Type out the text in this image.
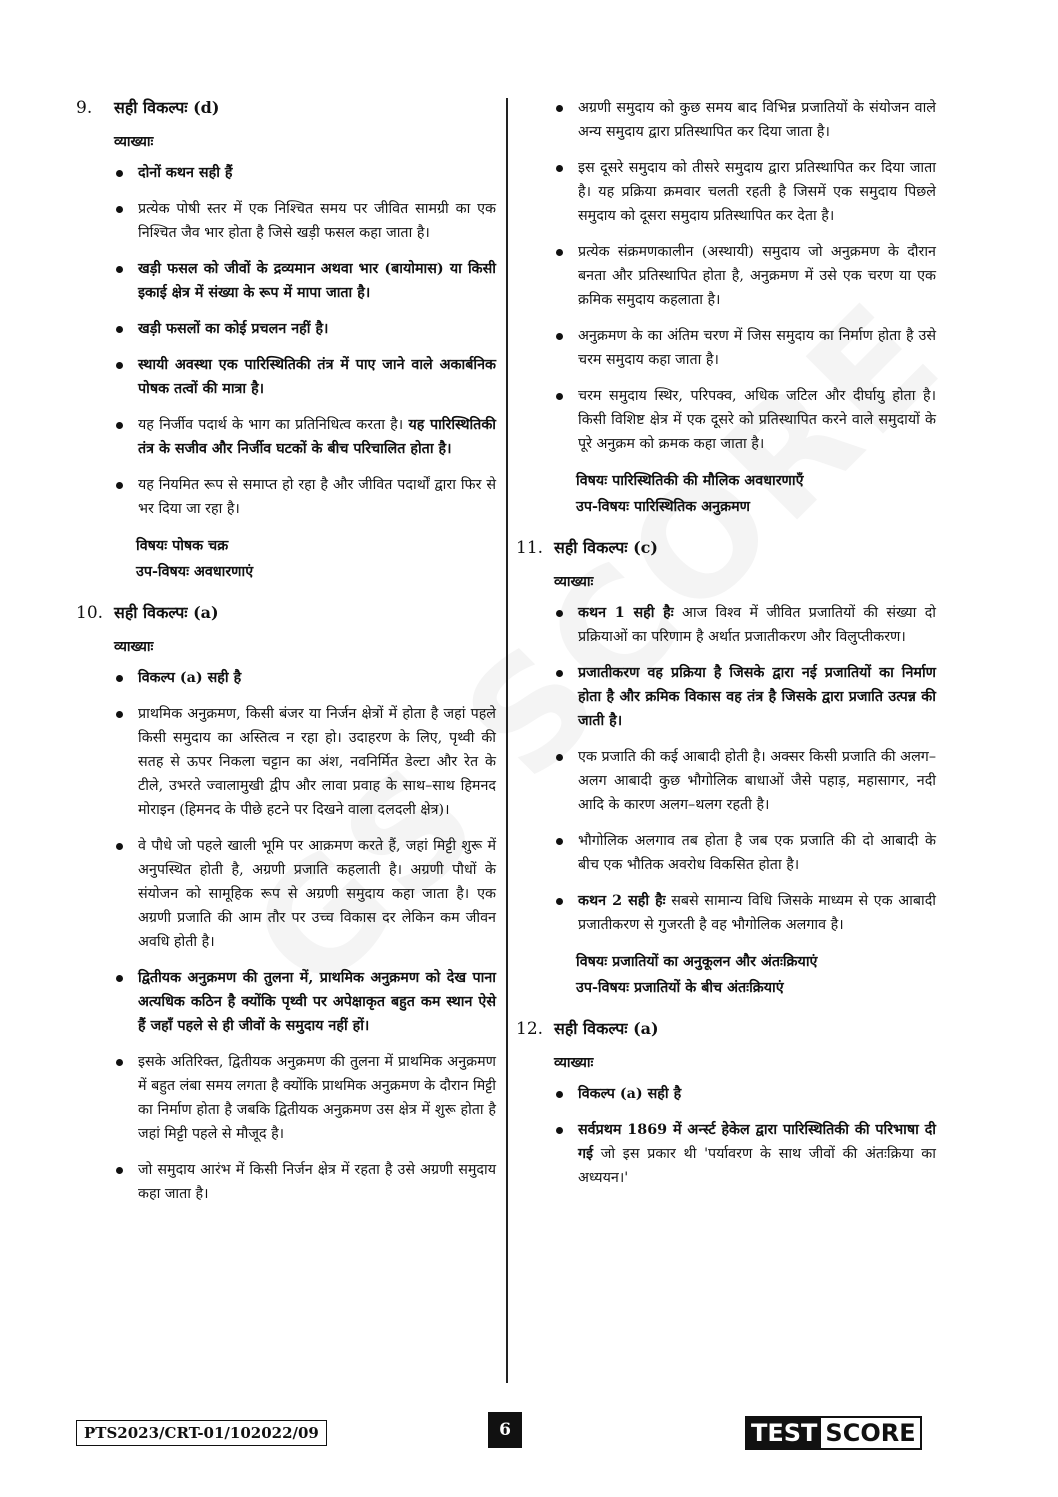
9.	सही विकल्पः (d)
व्याख्याः
दोनों कथन सही हैं
प्रत्येक पोषी स्तर में एक निश्चित समय पर जीवित सामग्री का एक निश्चित जैव भार होता है जिसे खड़ी फसल कहा जाता है।
खड़ी फसल को जीवों के द्रव्यमान अथवा भार (बायोमास) या किसी इकाई क्षेत्र में संख्या के रूप में मापा जाता है।
खड़ी फसलों का कोई प्रचलन नहीं है।
स्थायी अवस्था एक पारिस्थितिकी तंत्र में पाए जाने वाले अकार्बनिक पोषक तत्वों की मात्रा है।
यह निर्जीव पदार्थ के भाग का प्रतिनिधित्व करता है। यह पारिस्थितिकी तंत्र के सजीव और निर्जीव घटकों के बीच परिचालित होता है।
यह नियमित रूप से समाप्त हो रहा है और जीवित पदार्थों द्वारा फिर से भर दिया जा रहा है।
विषयः पोषक चक्र
उप-विषयः अवधारणाएं
10. सही विकल्पः (a)
व्याख्याः
विकल्प (a) सही है
प्राथमिक अनुक्रमण, किसी बंजर या निर्जन क्षेत्रों में होता है जहां पहले किसी समुदाय का अस्तित्व न रहा हो। उदाहरण के लिए, पृथ्वी की सतह से ऊपर निकला चट्टान का अंश, नवनिर्मित डेल्टा और रेत के टीले, उभरते ज्वालामुखी द्वीप और लावा प्रवाह के साथ–साथ हिमनद मोराइन (हिमनद के पीछे हटने पर दिखने वाला दलदली क्षेत्र)।
वे पौधे जो पहले खाली भूमि पर आक्रमण करते हैं, जहां मिट्टी शुरू में अनुपस्थित होती है, अग्रणी प्रजाति कहलाती है। अग्रणी पौधों के संयोजन को सामूहिक रूप से अग्रणी समुदाय कहा जाता है। एक अग्रणी प्रजाति की आम तौर पर उच्च विकास दर लेकिन कम जीवन अवधि होती है।
द्वितीयक अनुक्रमण की तुलना में, प्राथमिक अनुक्रमण को देख पाना अत्यधिक कठिन है क्योंकि पृथ्वी पर अपेक्षाकृत बहुत कम स्थान ऐसे हैं जहाँ पहले से ही जीवों के समुदाय नहीं हों।
इसके अतिरिक्त, द्वितीयक अनुक्रमण की तुलना में प्राथमिक अनुक्रमण में बहुत लंबा समय लगता है क्योंकि प्राथमिक अनुक्रमण के दौरान मिट्टी का निर्माण होता है जबकि द्वितीयक अनुक्रमण उस क्षेत्र में शुरू होता है जहां मिट्टी पहले से मौजूद है।
जो समुदाय आरंभ में किसी निर्जन क्षेत्र में रहता है उसे अग्रणी समुदाय कहा जाता है।
अग्रणी समुदाय को कुछ समय बाद विभिन्न प्रजातियों के संयोजन वाले अन्य समुदाय द्वारा प्रतिस्थापित कर दिया जाता है।
इस दूसरे समुदाय को तीसरे समुदाय द्वारा प्रतिस्थापित कर दिया जाता है। यह प्रक्रिया क्रमवार चलती रहती है जिसमें एक समुदाय पिछले समुदाय को दूसरा समुदाय प्रतिस्थापित कर देता है।
प्रत्येक संक्रमणकालीन (अस्थायी) समुदाय जो अनुक्रमण के दौरान बनता और प्रतिस्थापित होता है, अनुक्रमण में उसे एक चरण या एक क्रमिक समुदाय कहलाता है।
अनुक्रमण के का अंतिम चरण में जिस समुदाय का निर्माण होता है उसे चरम समुदाय कहा जाता है।
चरम समुदाय स्थिर, परिपक्व, अधिक जटिल और दीर्घायु होता है। किसी विशिष्ट क्षेत्र में एक दूसरे को प्रतिस्थापित करने वाले समुदायों के पूरे अनुक्रम को क्रमक कहा जाता है।
विषयः पारिस्थितिकी की मौलिक अवधारणाएँ
उप-विषयः पारिस्थितिक अनुक्रमण
11. सही विकल्पः (c)
व्याख्याः
कथन 1 सही हैः आज विश्व में जीवित प्रजातियों की संख्या दो प्रक्रियाओं का परिणाम है अर्थात प्रजातीकरण और विलुप्तीकरण।
प्रजातीकरण वह प्रक्रिया है जिसके द्वारा नई प्रजातियों का निर्माण होता है और क्रमिक विकास वह तंत्र है जिसके द्वारा प्रजाति उत्पन्न की जाती है।
एक प्रजाति की कई आबादी होती है। अक्सर किसी प्रजाति की अलग–अलग आबादी कुछ भौगोलिक बाधाओं जैसे पहाड़, महासागर, नदी आदि के कारण अलग–थलग रहती है।
भौगोलिक अलगाव तब होता है जब एक प्रजाति की दो आबादी के बीच एक भौतिक अवरोध विकसित होता है।
कथन 2 सही हैः सबसे सामान्य विधि जिसके माध्यम से एक आबादी प्रजातीकरण से गुजरती है वह भौगोलिक अलगाव है।
विषयः प्रजातियों का अनुकूलन और अंतःक्रियाएं
उप-विषयः प्रजातियों के बीच अंतःक्रियाएं
12. सही विकल्पः (a)
व्याख्याः
विकल्प (a) सही है
सर्वप्रथम 1869 में अर्न्स्ट हेकेल द्वारा पारिस्थितिकी की परिभाषा दी गई जो इस प्रकार थी 'पर्यावरण के साथ जीवों की अंतःक्रिया का अध्ययन।'
PTS2023/CRT-01/102022/09	6	TEST SCORE
